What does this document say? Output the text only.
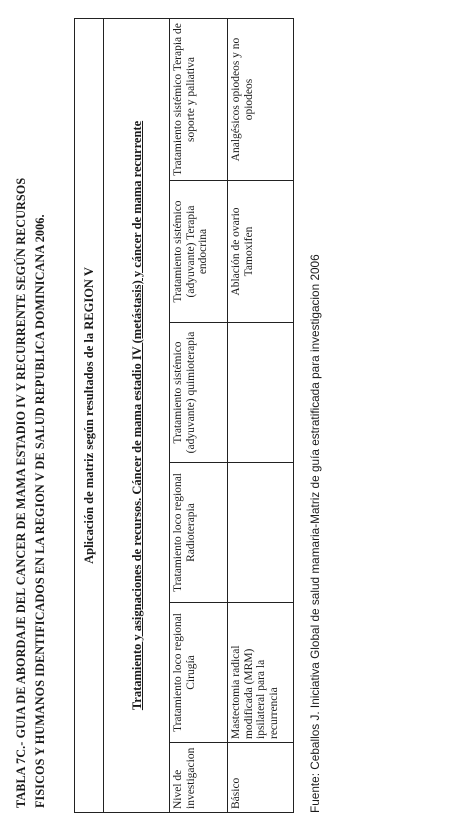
TABLA 7C.- GUIA DE ABORDAJE DEL CANCER DE MAMA ESTADIO IV Y RECURRENTE SEGÚN RECURSOS FISICOS Y HUMANOS IDENTIFICADOS EN LA REGION V DE SALUD REPUBLICA DOMINICANA 2006.	Aplicación de matriz según resultados de la REGION V	Tratamiento y asignaciones de recursos. Cáncer de mama estadio IV (metástasis) y cáncer de mama recurrente
Nivel de investigacion
Tratamiento loco regional Cirugía
Tratamiento loco regional Radioterapia
Tratamiento sistémico (adyuvante) quimioterapia
Tratamiento sistémico (adyuvante) Terapia endocrina
Tratamiento sistémico Terapia de soporte y paliativa
Básico
Mastectomia radical modificada (MRM) ipsilateral para la recurrencia
Ablación de ovario Tamoxifen
Analgésicos opiodeos y no opiodeos
Fuente: Ceballos J. Iniciativa Global de salud mamaria-Matriz de guía estratificada para investigacion 2006
